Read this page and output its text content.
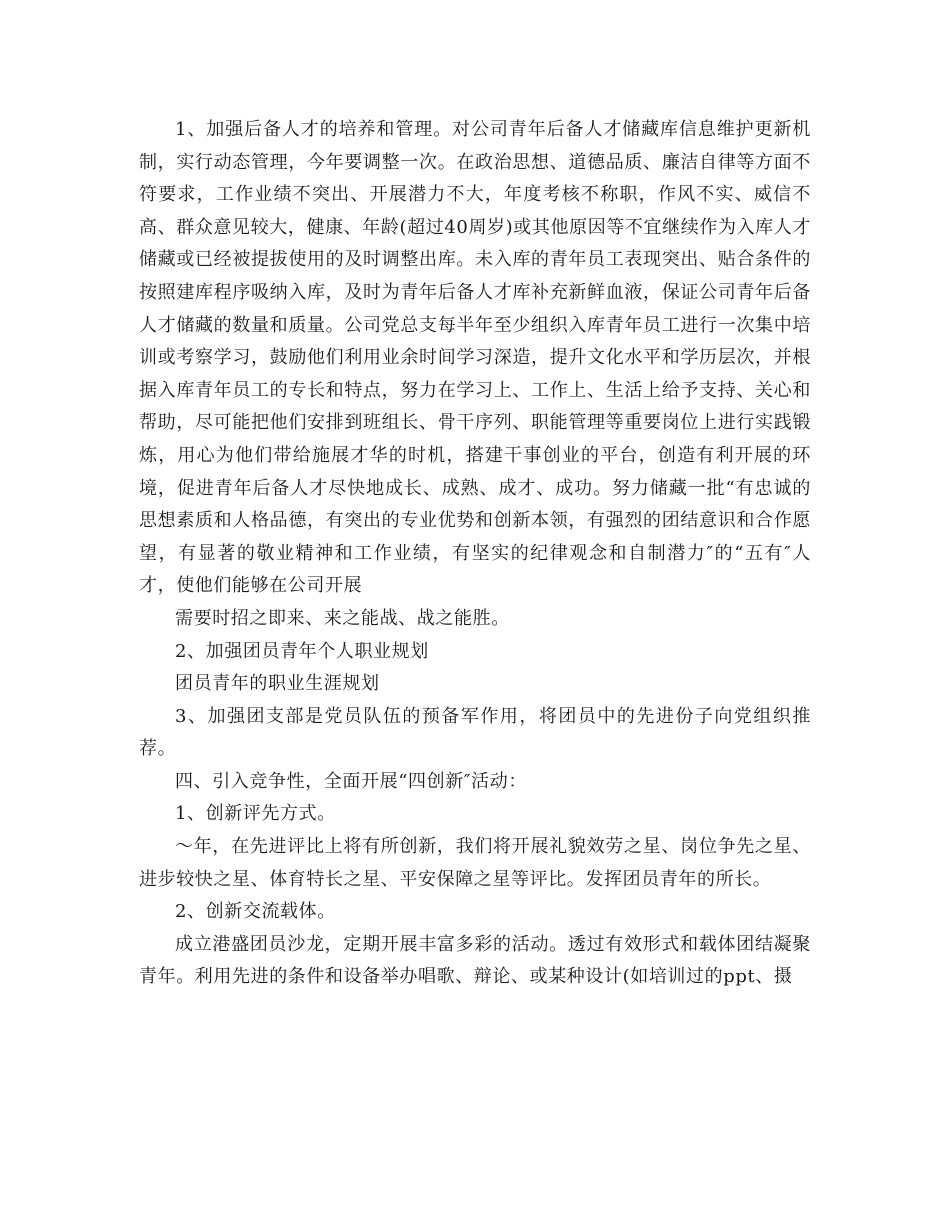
1、加强后备人才的培养和管理。对公司青年后备人才储藏库信息维护更新机制，实行动态管理，今年要调整一次。在政治思想、道德品质、廉洁自律等方面不符要求，工作业绩不突出、开展潜力不大，年度考核不称职，作风不实、威信不高、群众意见较大，健康、年龄(超过40周岁)或其他原因等不宜继续作为入库人才储藏或已经被提拔使用的及时调整出库。未入库的青年员工表现突出、贴合条件的按照建库程序吸纳入库，及时为青年后备人才库补充新鲜血液，保证公司青年后备人才储藏的数量和质量。公司党总支每半年至少组织入库青年员工进行一次集中培训或考察学习，鼓励他们利用业余时间学习深造，提升文化水平和学历层次，并根据入库青年员工的专长和特点，努力在学习上、工作上、生活上给予支持、关心和帮助，尽可能把他们安排到班组长、骨干序列、职能管理等重要岗位上进行实践锻炼，用心为他们带给施展才华的时机，搭建干事创业的平台，创造有利开展的环境，促进青年后备人才尽快地成长、成熟、成才、成功。努力储藏一批“有忠诚的思想素质和人格品德，有突出的专业优势和创新本领，有强烈的团结意识和合作愿望，有显著的敬业精神和工作业绩，有坚实的纪律观念和自制潜力″的“五有″人才，使他们能够在公司开展

需要时招之即来、来之能战、战之能胜。

2、加强团员青年个人职业规划

团员青年的职业生涯规划

3、加强团支部是党员队伍的预备军作用，将团员中的先进份子向党组织推荐。

四、引入竞争性，全面开展“四创新″活动：

1、创新评先方式。

～年，在先进评比上将有所创新，我们将开展礼貌效劳之星、岗位争先之星、进步较快之星、体育特长之星、平安保障之星等评比。发挥团员青年的所长。

2、创新交流载体。

成立港盛团员沙龙，定期开展丰富多彩的活动。透过有效形式和载体团结凝聚青年。利用先进的条件和设备举办唱歌、辩论、或某种设计(如培训过的ppt、摄
